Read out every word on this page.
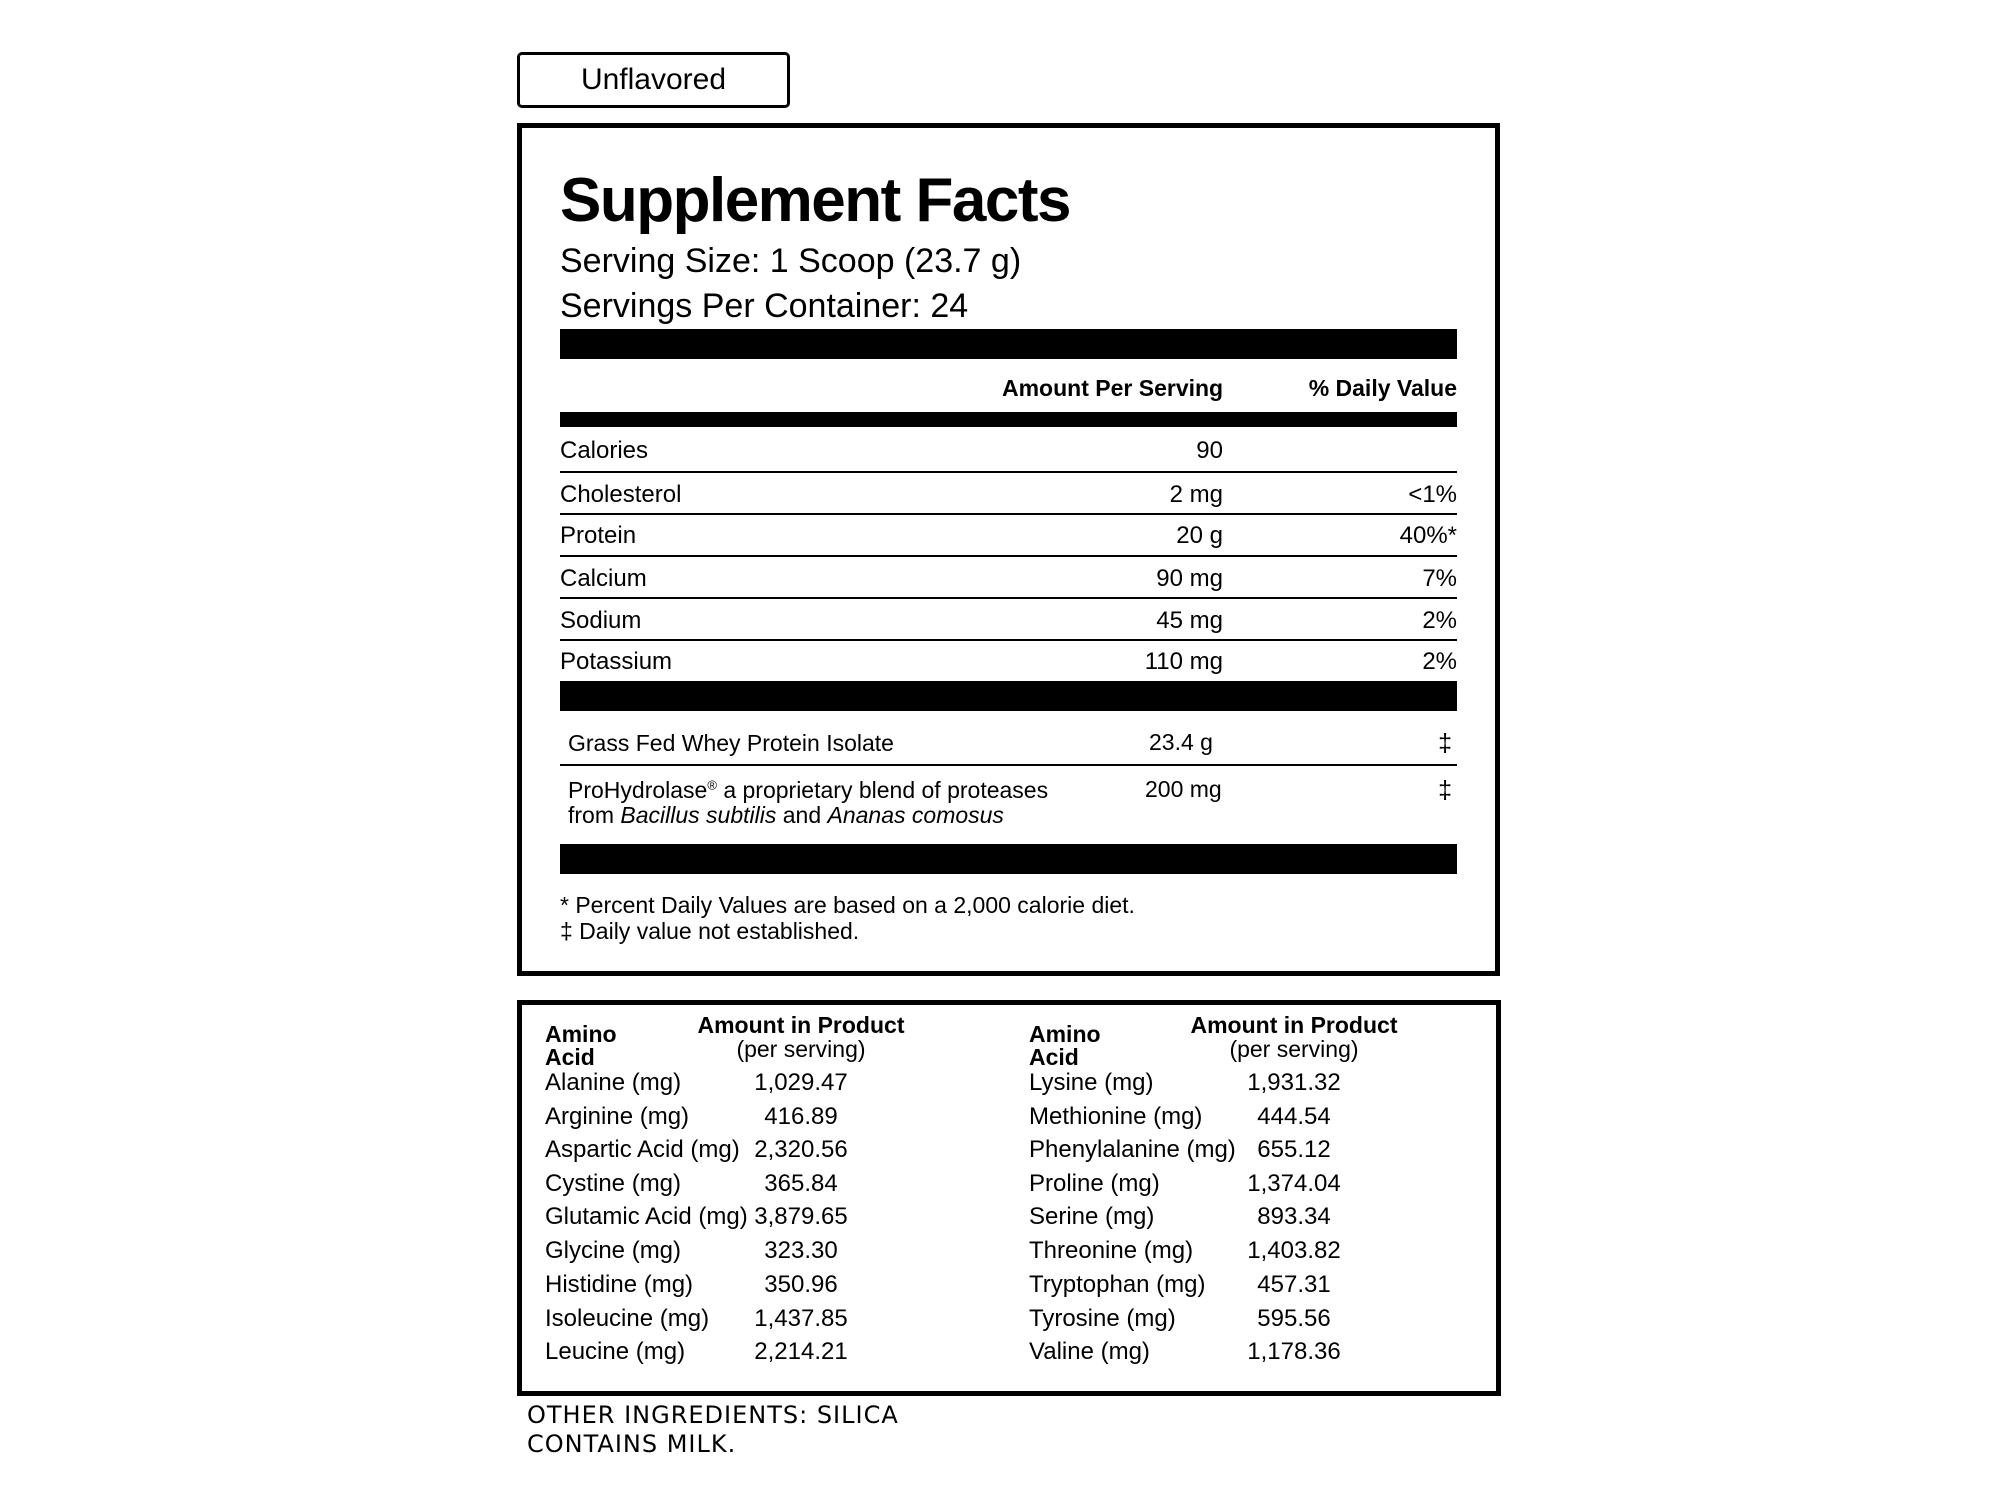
Unflavored
Supplement Facts
Serving Size: 1 Scoop (23.7 g)
Servings Per Container: 24
Amount Per Serving	% Daily Value
Calories	90
Cholesterol	2 mg	<1%
Protein	20 g	40%*
Calcium	90 mg	7%
Sodium	45 mg	2%
Potassium	110 mg	2%
Grass Fed Whey Protein Isolate	23.4 g	‡
ProHydrolase® a proprietary blend of proteases
from Bacillus subtilis and Ananas comosus
200 mg	‡
* Percent Daily Values are based on a 2,000 calorie diet.
‡ Daily value not established.
Amino Acid
Amount in Product
(per serving)
Alanine (mg)	1,029.47
Arginine (mg)	416.89
Aspartic Acid (mg) 2,320.56
Cystine (mg)	365.84
Glutamic Acid (mg) 3,879.65
Glycine (mg)	323.30
Histidine (mg)	350.96
Isoleucine (mg)	1,437.85
Leucine (mg)	2,214.21
Amino Acid
Amount in Product
(per serving)
Lysine (mg)	1,931.32
Methionine (mg)	444.54
Phenylalanine (mg) 655.12
Proline (mg)	1,374.04
Serine (mg)	893.34
Threonine (mg)	1,403.82
Tryptophan (mg)	457.31
Tyrosine (mg)	595.56
Valine (mg)	1,178.36
OTHER INGREDIENTS: SILICA
CONTAINS MILK.
